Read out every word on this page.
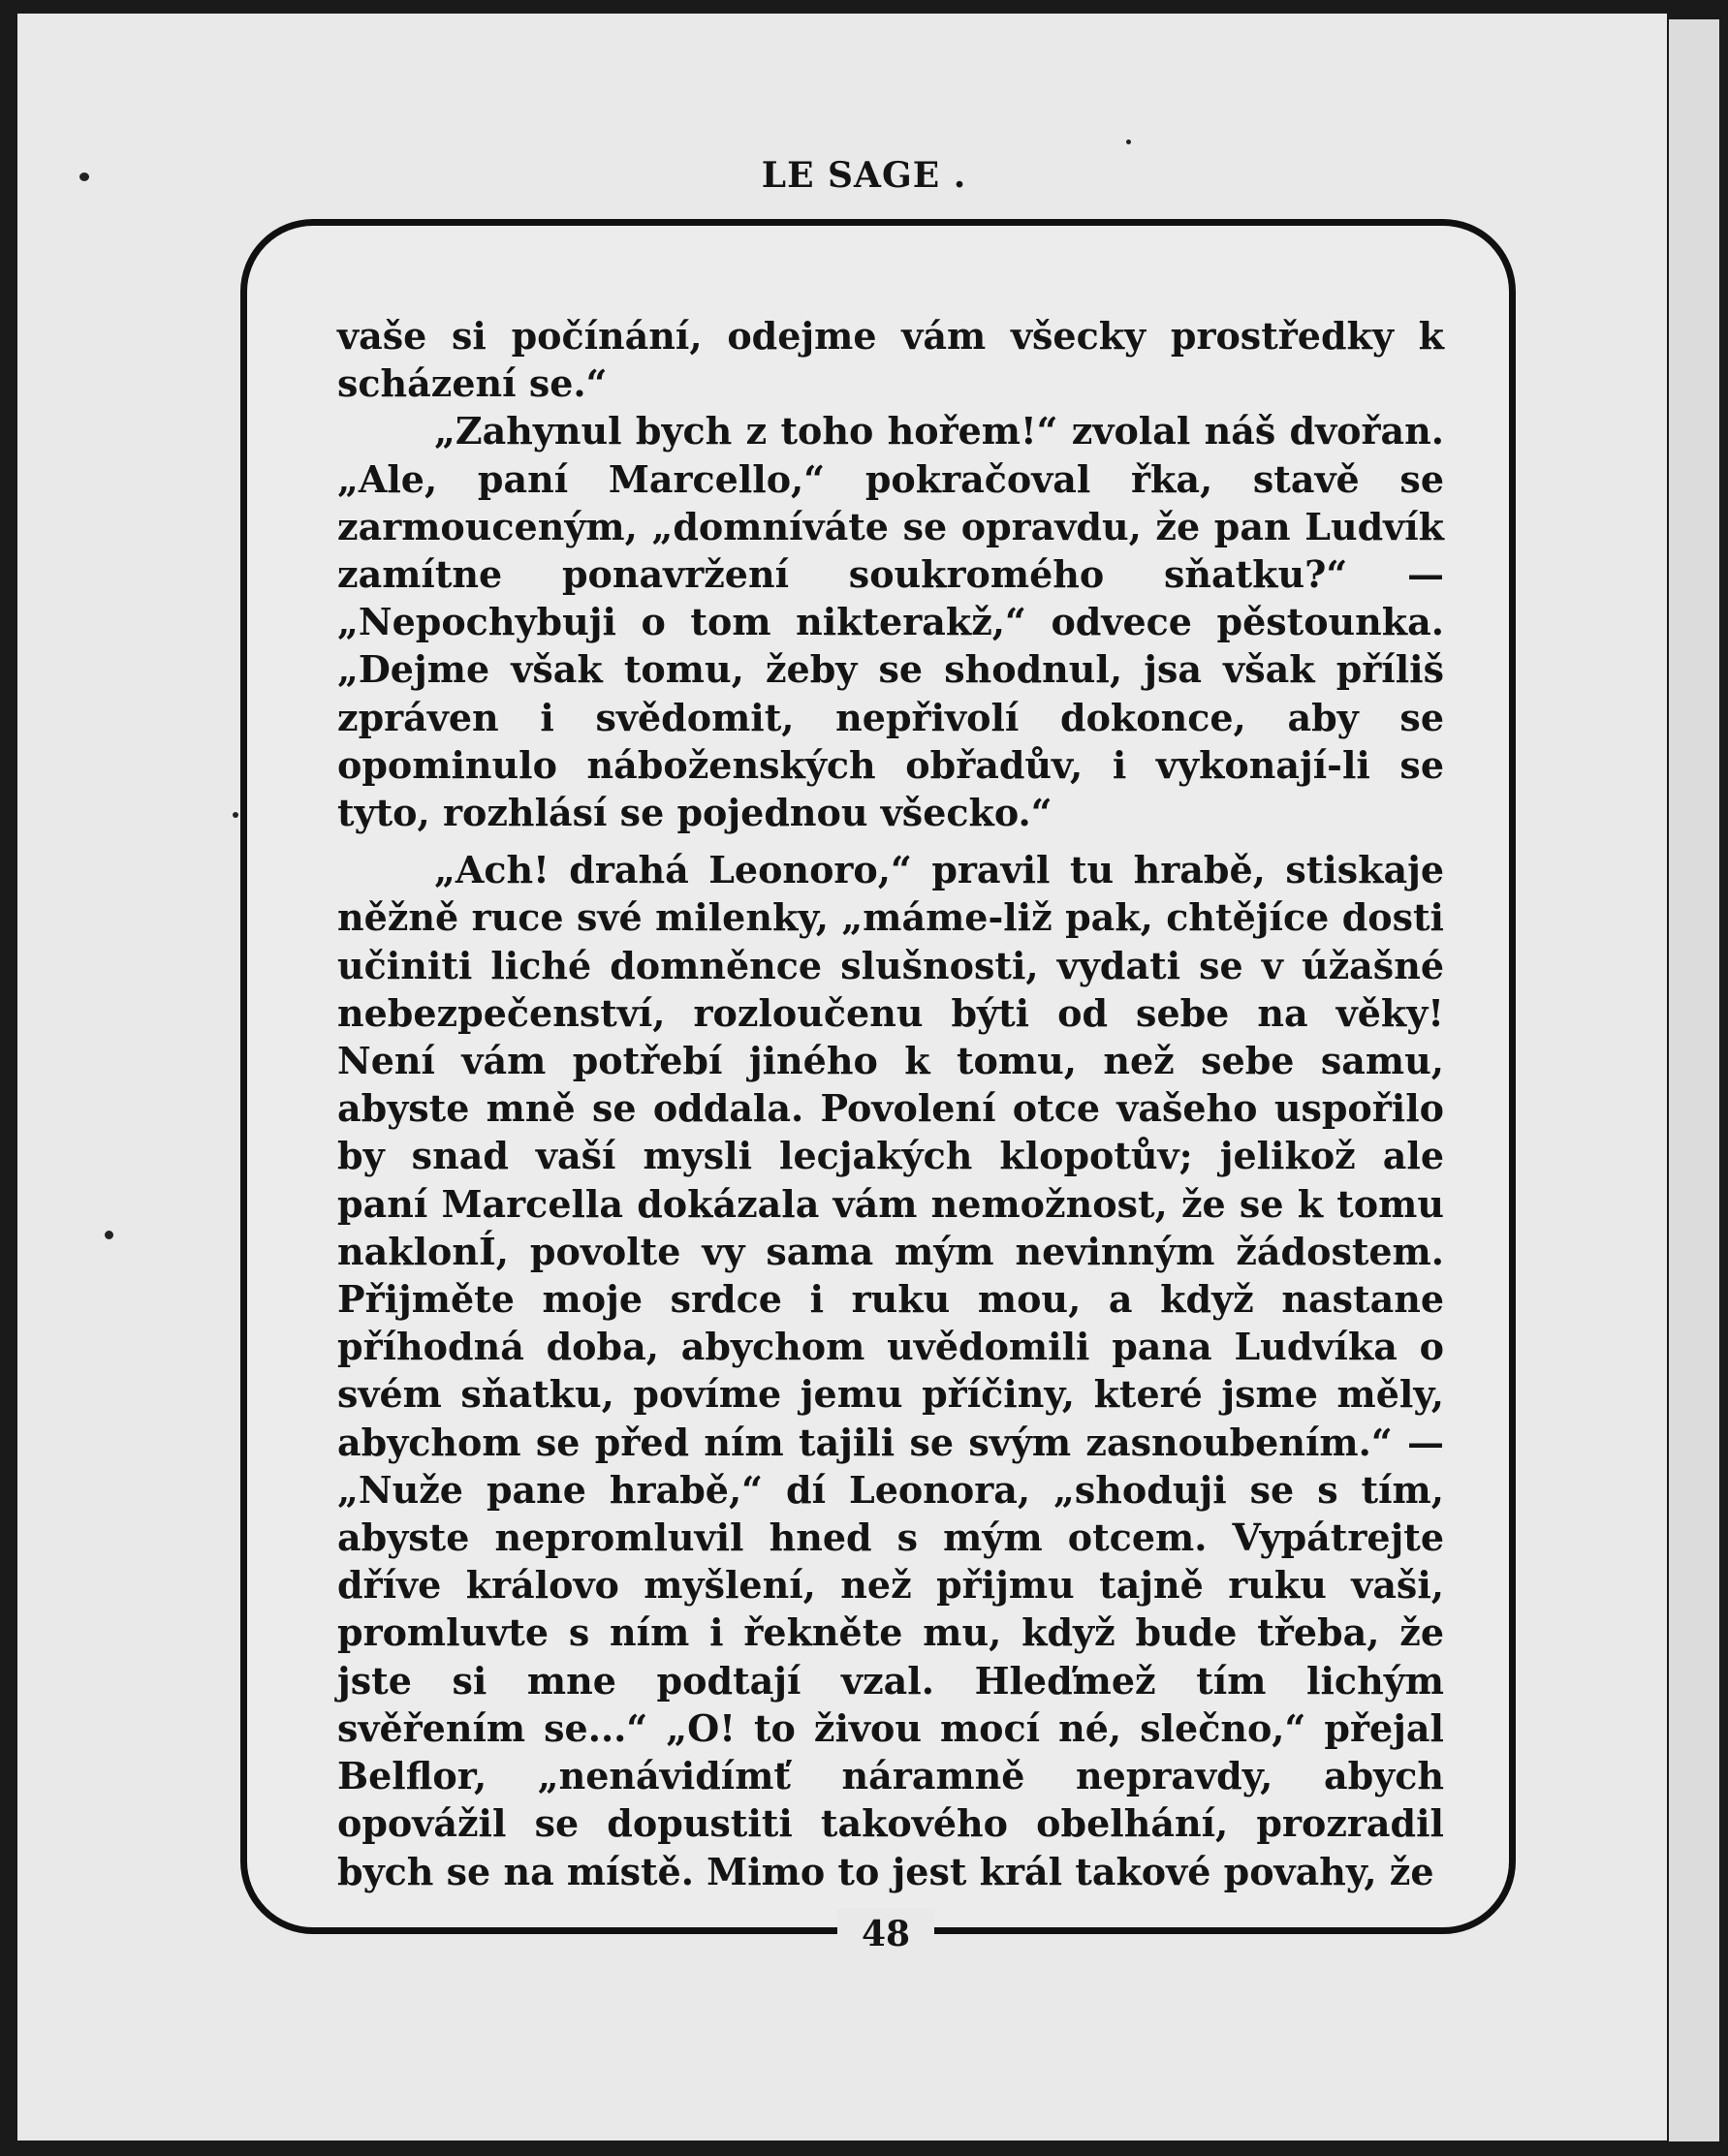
LE SAGE .

vaše si počínání, odejme vám všecky prostředky k scházení se.“

„Zahynul bych z toho hořem!“ zvolal náš dvořan. „Ale, paní Marcello,“ pokračoval řka, stavě se zarmouceným, „domníváte se opravdu, že pan Ludvík zamítne ponavržení soukromého sňatku?“ — „Nepochybuji o tom nikterakž,“ odvece pěstounka. „Dejme však tomu, žeby se shodnul, jsa však příliš zpráven i svědomit, nepřivolí dokonce, aby se opominulo náboženských obřadův, i vykonají-li se tyto, rozhlásí se pojednou všecko.“

„Ach! drahá Leonoro,“ pravil tu hrabě, stiskaje něžně ruce své milenky, „máme-liž pak, chtějíce dosti učiniti liché domněnce slušnosti, vydati se v úžašné nebezpečenství, rozloučenu býti od sebe na věky! Není vám potřebí jiného k tomu, než sebe samu, abyste mně se oddala. Povolení otce vašeho uspořilo by snad vaší mysli lecjakých klopotův; jelikož ale paní Marcella dokázala vám nemožnost, že se k tomu naklonÍ, povolte vy sama mým nevinným žádostem. Přijměte moje srdce i ruku mou, a když nastane příhodná doba, abychom uvědomili pana Ludvíka o svém sňatku, povíme jemu příčiny, které jsme měly, abychom se před ním tajili se svým zasnoubením.“ — „Nuže pane hrabě,“ dí Leonora, „shoduji se s tím, abyste nepromluvil hned s mým otcem. Vypátrejte dříve královo myšlení, než přijmu tajně ruku vaši, promluvte s ním i řekněte mu, když bude třeba, že jste si mne podtají vzal. Hleďmež tím lichým svěřením se...“ „O! to živou mocí né, slečno,“ přejal Belflor, „nenávidímť náramně nepravdy, abych opovážil se dopustiti takového obelhání, prozradil bych se na místě. Mimo to jest král takové povahy, že

48
